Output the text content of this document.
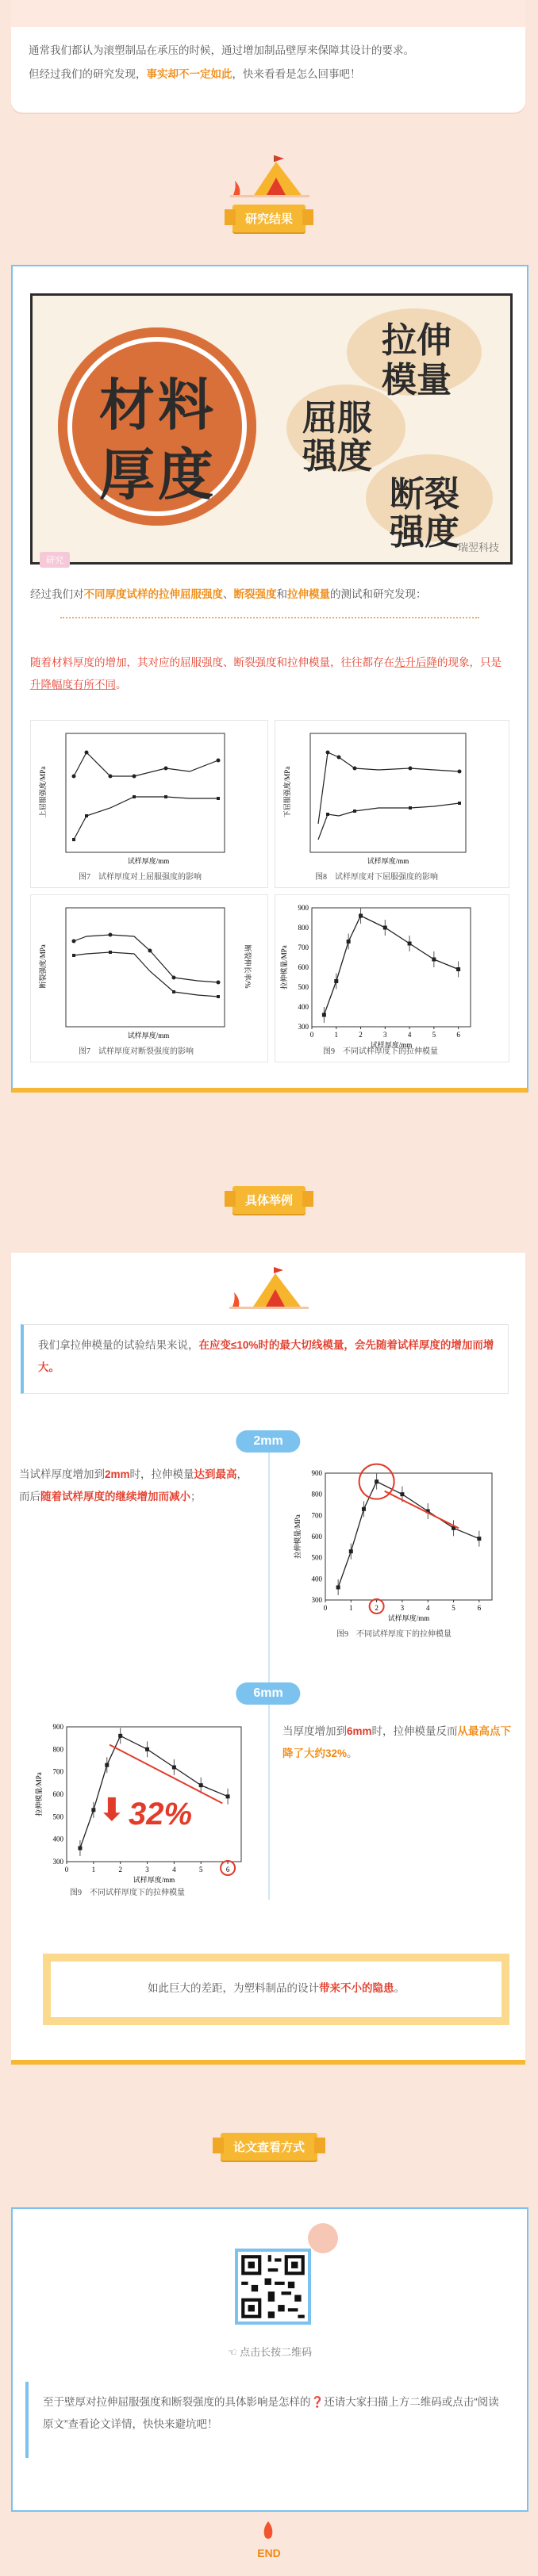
通常我们都认为滚塑制品在承压的时候，通过增加制品壁厚来保障其设计的要求。
但经过我们的研究发现，事实却不一定如此，快来看看是怎么回事吧！
研究结果
材料
厚度
拉伸
模量
屈服
强度
断裂
强度
瑞翌科技
研究
经过我们对不同厚度试样的拉伸屈服强度、断裂强度和拉伸模量的测试和研究发现：
随着材料厚度的增加，其对应的屈服强度、断裂强度和拉伸模量，往往都存在先升后降的现象，只是升降幅度有所不同。
试样厚度/mm
上屈服强度/MPa
图7　试样厚度对上屈服强度的影响
试样厚度/mm
下屈服强度/MPa
图8　试样厚度对下屈服强度的影响
试样厚度/mm
断裂强度/MPa	断裂伸长率/%
图7　试样厚度对断裂强度的影响
0	1	2	3	4	5	6
300
400
500
600
700
800
900
试样厚度/mm
拉伸模量/MPa
图9　不同试样厚度下的拉伸模量
具体举例
我们拿拉伸模量的试验结果来说，在应变≤10%时的最大切线模量，会先随着试样厚度的增加而增大。
2mm
当试样厚度增加到2mm时，拉伸模量达到最高，而后随着试样厚度的继续增加而减小；
0	1	2	3	4	5	6
300
400
500
600
700
800
900
试样厚度/mm
拉伸模量/MPa
图9　不同试样厚度下的拉伸模量
6mm
0	1	2	3	4	5	6
300
400
500
600
700
800
900
试样厚度/mm
拉伸模量/MPa ⬇ 32%
图9　不同试样厚度下的拉伸模量
当厚度增加到6mm时，拉伸模量反而从最高点下降了大约32%。
如此巨大的差距，为塑料制品的设计带来不小的隐患。
论文查看方式
☜ 点击长按二维码
至于壁厚对拉伸屈服强度和断裂强度的具体影响是怎样的❓还请大家扫描上方二维码或点击“阅读原文”查看论文详情，快快来避坑吧！
END
